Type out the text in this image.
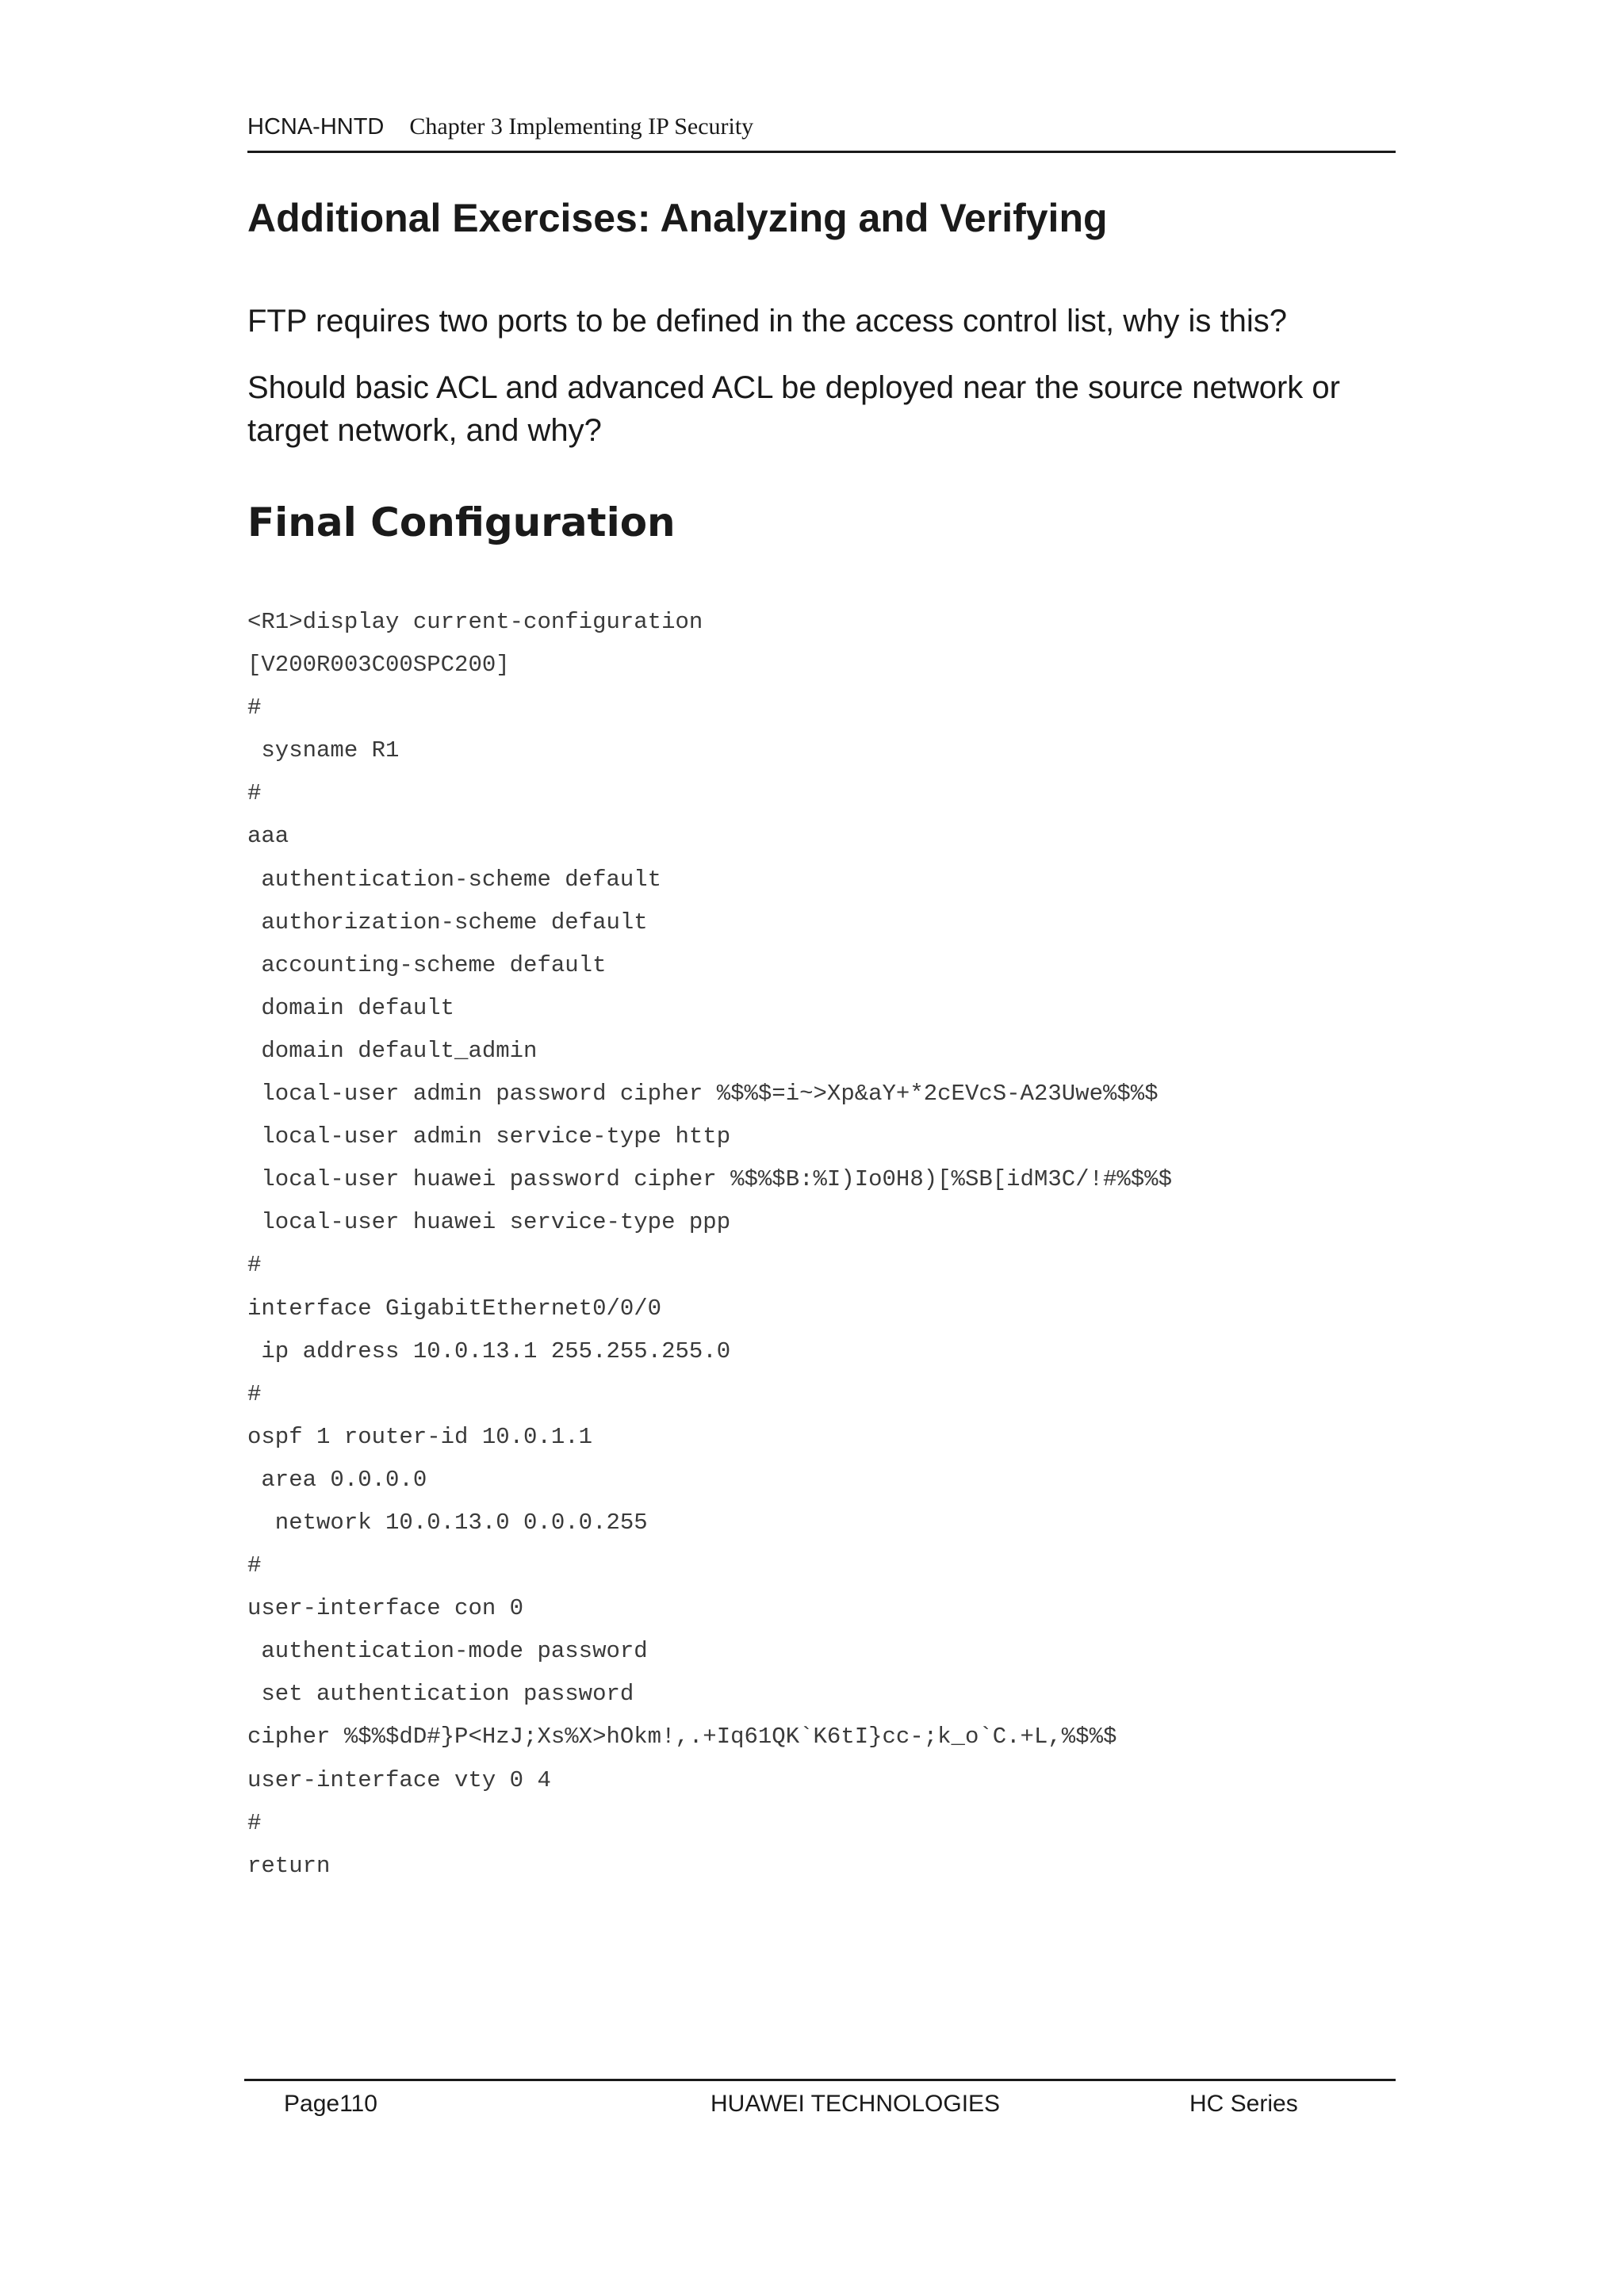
HCNA-HNTD Chapter 3 Implementing IP Security
Additional Exercises: Analyzing and Verifying

FTP requires two ports to be defined in the access control list, why is this?

Should basic ACL and advanced ACL be deployed near the source network or target network, and why?

Final Configuration
<R1>display current-configuration
[V200R003C00SPC200]
#
sysname R1
#
aaa
authentication-scheme default
authorization-scheme default
accounting-scheme default
domain default
domain default_admin
local-user admin password cipher %$%$=i~>Xp&aY+*2cEVcS-A23Uwe%$%$
local-user admin service-type http
local-user huawei password cipher %$%$B:%I)Io0H8)[%SB[idM3C/!#%$%$
local-user huawei service-type ppp
#
interface GigabitEthernet0/0/0
ip address 10.0.13.1 255.255.255.0
#
ospf 1 router-id 10.0.1.1
area 0.0.0.0
network 10.0.13.0 0.0.0.255
#
user-interface con 0
authentication-mode password
set authentication password
cipher %$%$dD#}P<HzJ;Xs%X>hOkm!,.+Iq61QK`K6tI}cc-;k_o`C.+L,%$%$
user-interface vty 0 4
#
return
Page110	HUAWEI TECHNOLOGIES	HC Series
